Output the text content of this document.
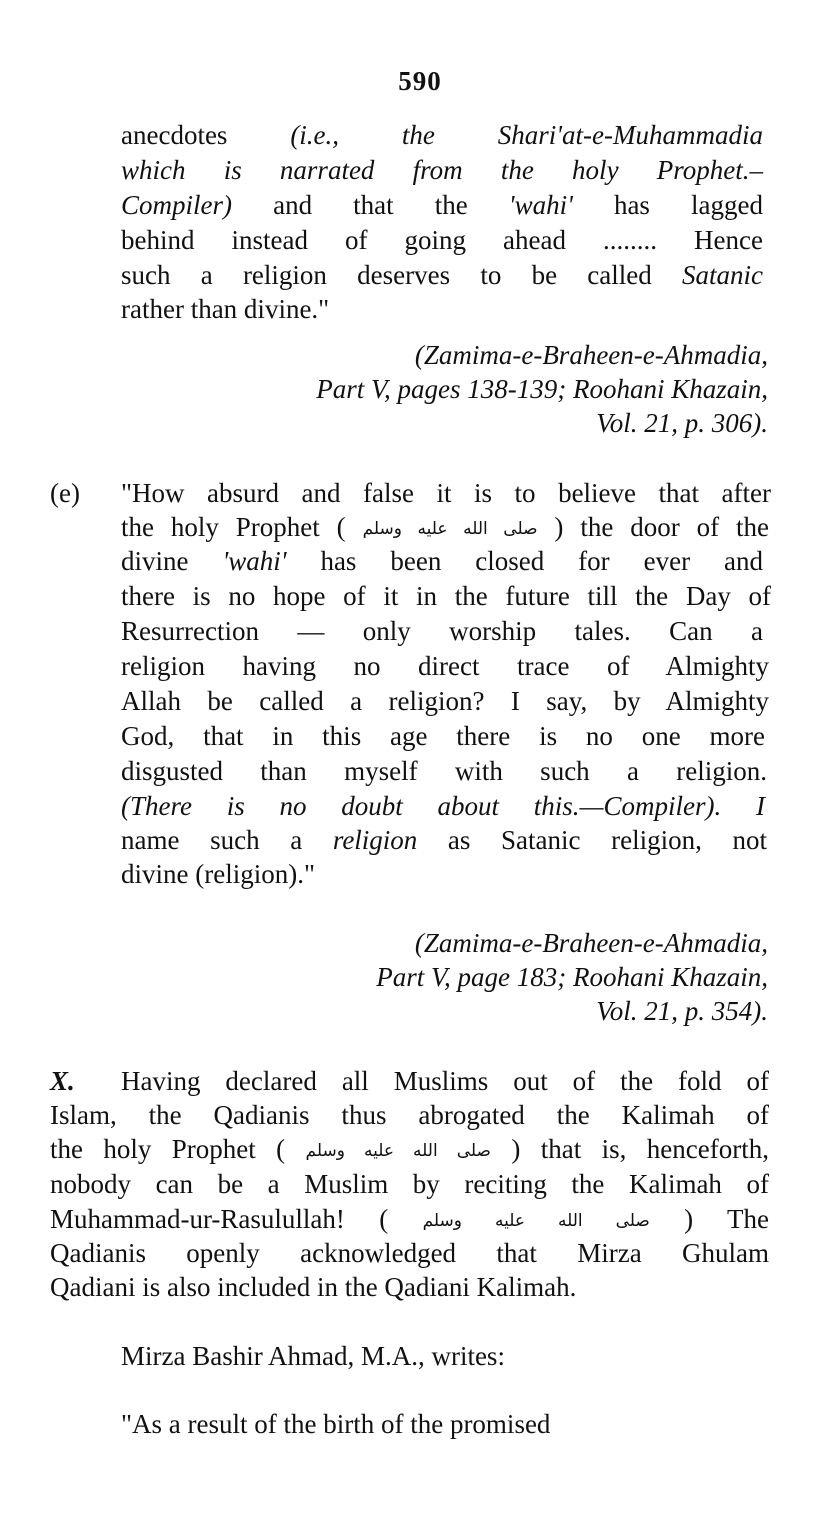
590
anecdotes (i.e., the Shari'at-e-Muhammadia
which is narrated from the holy Prophet.–
Compiler) and that the 'wahi' has lagged
behind instead of going ahead ........ Hence
such a religion deserves to be called Satanic
rather than divine."
(Zamima-e-Braheen-e-Ahmadia,
Part V, pages 138-139; Roohani Khazain,
Vol. 21, p. 306).
(e) "How absurd and false it is to believe that after
the holy Prophet ( صلى الله عليه وسلم ) the door of the
divine 'wahi' has been closed for ever and
there is no hope of it in the future till the Day of
Resurrection — only worship tales. Can a
religion having no direct trace of Almighty
Allah be called a religion? I say, by Almighty
God, that in this age there is no one more
disgusted than myself with such a religion.
(There is no doubt about this.—Compiler). I
name such a religion as Satanic religion, not
divine (religion)."
(Zamima-e-Braheen-e-Ahmadia,
Part V, page 183; Roohani Khazain,
Vol. 21, p. 354).
X. Having declared all Muslims out of the fold of
Islam, the Qadianis thus abrogated the Kalimah of
the holy Prophet ( صلى الله عليه وسلم ) that is, henceforth,
nobody can be a Muslim by reciting the Kalimah of
Muhammad-ur-Rasulullah! ( صلى الله عليه وسلم ) The
Qadianis openly acknowledged that Mirza Ghulam
Qadiani is also included in the Qadiani Kalimah.
Mirza Bashir Ahmad, M.A., writes:
"As a result of the birth of the promised
